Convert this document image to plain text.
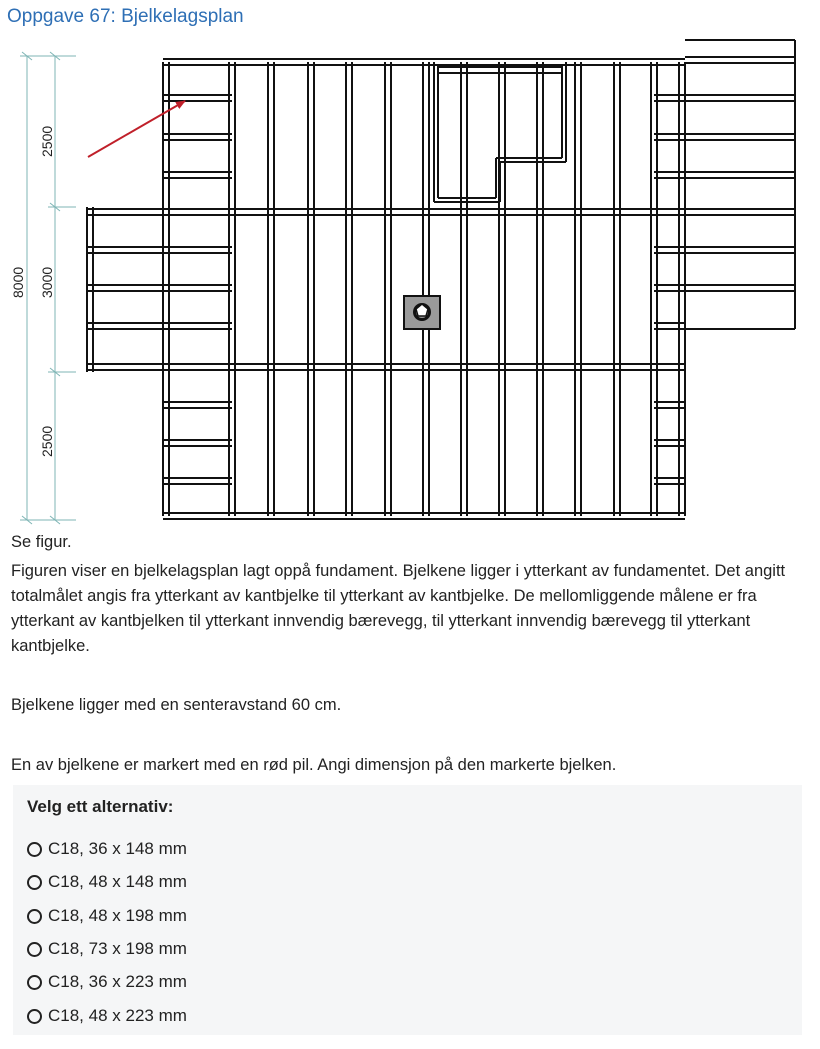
Oppgave 67: Bjelkelagsplan
8000 3000
2500
2500
Se figur.
Figuren viser en bjelkelagsplan lagt oppå fundament. Bjelkene ligger i ytterkant av fundamentet. Det angitt totalmålet angis fra ytterkant av kantbjelke til ytterkant av kantbjelke. De mellomliggende målene er fra ytterkant av kantbjelken til ytterkant innvendig bærevegg, til ytterkant innvendig bærevegg til ytterkant kantbjelke.
Bjelkene ligger med en senteravstand 60 cm.
En av bjelkene er markert med en rød pil. Angi dimensjon på den markerte bjelken.
Velg ett alternativ:
C18, 36 x 148 mm
C18, 48 x 148 mm
C18, 48 x 198 mm
C18, 73 x 198 mm
C18, 36 x 223 mm
C18, 48 x 223 mm
